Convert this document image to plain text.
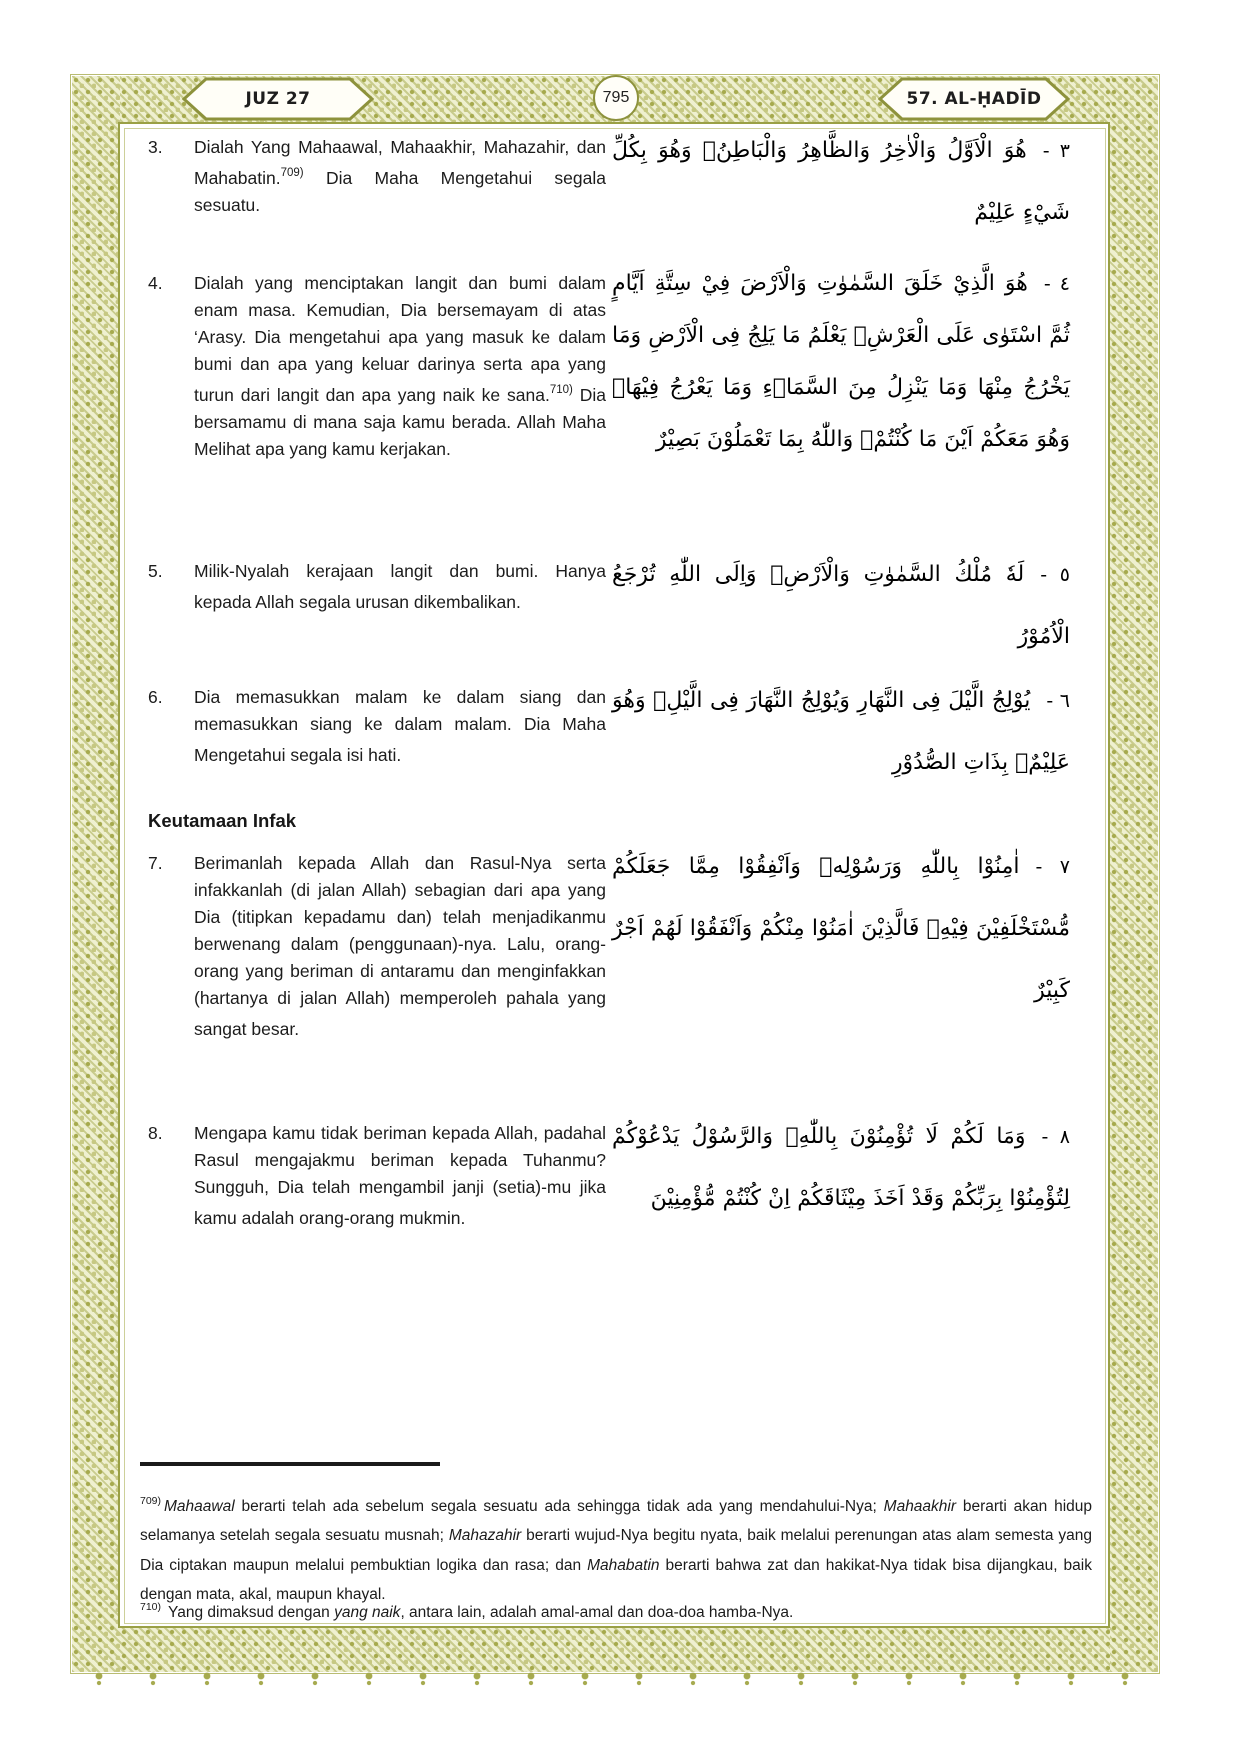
JUZ 27	795	57. AL-ḤADĪD
3.	Dialah Yang Mahaawal, Mahaakhir, Mahazahir, dan Mahabatin.$^{709)}$ Dia Maha Mengetahui segala sesuatu.

٣ -هُوَ الْاَوَّلُ وَالْاٰخِرُ وَالظَّاهِرُ وَالْبَاطِنُۚ وَهُوَ بِكُلِّ شَيْءٍ عَلِيْمٌ
4.	Dialah yang menciptakan langit dan bumi dalam enam masa. Kemudian, Dia bersemayam di atas ‘Arasy. Dia mengetahui apa yang masuk ke dalam bumi dan apa yang keluar darinya serta apa yang turun dari langit dan apa yang naik ke sana.$^{710)}$ Dia bersamamu di mana saja kamu berada. Allah Maha Melihat apa yang kamu kerjakan.

٤ -هُوَ الَّذِيْ خَلَقَ السَّمٰوٰتِ وَالْاَرْضَ فِيْ سِتَّةِ اَيَّامٍ ثُمَّ اسْتَوٰى عَلَى الْعَرْشِۚ يَعْلَمُ مَا يَلِجُ فِى الْاَرْضِ وَمَا يَخْرُجُ مِنْهَا وَمَا يَنْزِلُ مِنَ السَّمَاۤءِ وَمَا يَعْرُجُ فِيْهَاۗ وَهُوَ مَعَكُمْ اَيْنَ مَا كُنْتُمْۗ وَاللّٰهُ بِمَا تَعْمَلُوْنَ بَصِيْرٌ
5.	Milik-Nyalah kerajaan langit dan bumi. Hanya kepada Allah segala urusan dikembalikan.

٥ -لَهٗ مُلْكُ السَّمٰوٰتِ وَالْاَرْضِۗ وَاِلَى اللّٰهِ تُرْجَعُ الْاُمُوْرُ
6.	Dia memasukkan malam ke dalam siang dan memasukkan siang ke dalam malam. Dia Maha Mengetahui segala isi hati.

٦ -يُوْلِجُ الَّيْلَ فِى النَّهَارِ وَيُوْلِجُ النَّهَارَ فِى الَّيْلِۗ وَهُوَ عَلِيْمٌۢ بِذَاتِ الصُّدُوْرِ
Keutamaan Infak
7.	Berimanlah kepada Allah dan Rasul-Nya serta infakkanlah (di jalan Allah) sebagian dari apa yang Dia (titipkan kepadamu dan) telah menjadikanmu berwenang dalam (penggunaan)-nya. Lalu, orang-orang yang beriman di antaramu dan menginfakkan (hartanya di jalan Allah) memperoleh pahala yang sangat besar.

٧ -اٰمِنُوْا بِاللّٰهِ وَرَسُوْلِهٖ وَاَنْفِقُوْا مِمَّا جَعَلَكُمْ مُّسْتَخْلَفِيْنَ فِيْهِۗ فَالَّذِيْنَ اٰمَنُوْا مِنْكُمْ وَاَنْفَقُوْا لَهُمْ اَجْرٌ كَبِيْرٌ
8.	Mengapa kamu tidak beriman kepada Allah, padahal Rasul mengajakmu beriman kepada Tuhanmu? Sungguh, Dia telah mengambil janji (setia)-mu jika kamu adalah orang-orang mukmin.

٨ -وَمَا لَكُمْ لَا تُؤْمِنُوْنَ بِاللّٰهِۚ وَالرَّسُوْلُ يَدْعُوْكُمْ لِتُؤْمِنُوْا بِرَبِّكُمْ وَقَدْ اَخَذَ مِيْثَاقَكُمْ اِنْ كُنْتُمْ مُّؤْمِنِيْنَ

$^{709)}$ Mahaawal berarti telah ada sebelum segala sesuatu ada sehingga tidak ada yang mendahului-Nya; Mahaakhir berarti akan hidup selamanya setelah segala sesuatu musnah; Mahazahir berarti wujud-Nya begitu nyata, baik melalui perenungan atas alam semesta yang Dia ciptakan maupun melalui pembuktian logika dan rasa; dan Mahabatin berarti bahwa zat dan hakikat-Nya tidak bisa dijangkau, baik dengan mata, akal, maupun khayal.

$^{710)}$ Yang dimaksud dengan yang naik, antara lain, adalah amal-amal dan doa-doa hamba-Nya.
